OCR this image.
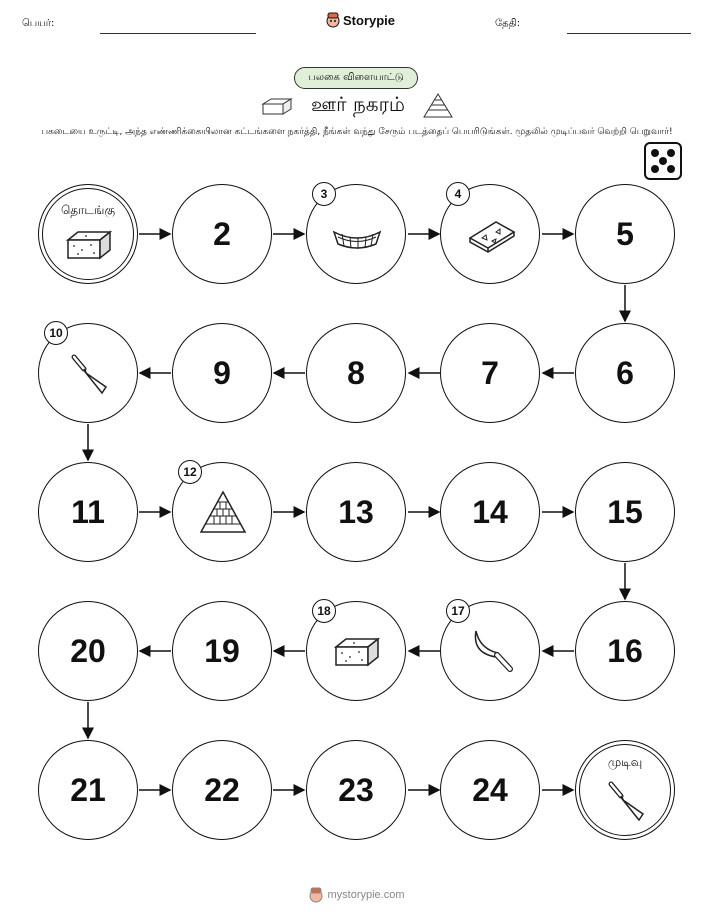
பெயர்:	Storypie	தேதி:
பலகை விளையாட்டு
ஊர் நகரம்
பகடையை உருட்டி, அந்த எண்ணிக்கையிலான கட்டங்களை நகர்த்தி, நீங்கள் வந்து சேரும் படத்தைப் பெயரிடுங்கள். முதலில் முடிப்பவர் வெற்றி பெறுவார்!
தொடங்கு
2
3	4
5
6
7
8
9
10
11
12
13	14	15
16
17
18
19
20
21	22	23	24
முடிவு
mystorypie.com
